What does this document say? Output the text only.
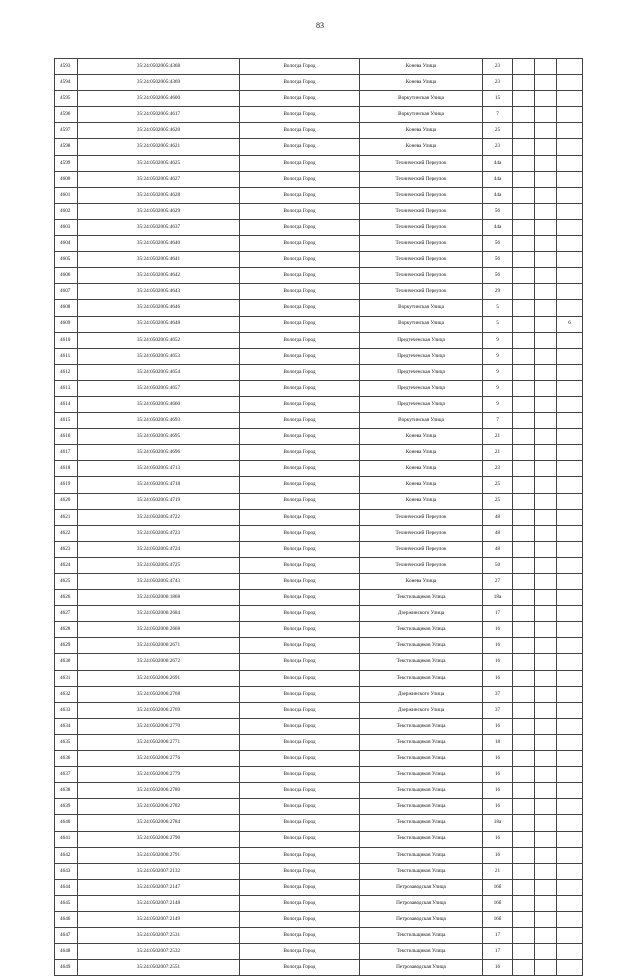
83
4593	35:24:0502005:4368	Вологда Город	Конева Улица	23			
4594	35:24:0502005:4369	Вологда Город	Конева Улица	23			
4595	35:24:0502005:4600	Вологда Город	Воркутинская Улица	15			
4596	35:24:0502005:4617	Вологда Город	Воркутинская Улица	7			
4597	35:24:0502005:4620	Вологда Город	Конева Улица	25			
4598	35:24:0502005:4621	Вологда Город	Конева Улица	23			
4599	35:24:0502005:4625	Вологда Город	Технический Переулок	44а			
4600	35:24:0502005:4627	Вологда Город	Технический Переулок	44а			
4601	35:24:0502005:4628	Вологда Город	Технический Переулок	44а			
4602	35:24:0502005:4629	Вологда Город	Технический Переулок	56			
4603	35:24:0502005:4637	Вологда Город	Технический Переулок	44а			
4604	35:24:0502005:4640	Вологда Город	Технический Переулок	56			
4605	35:24:0502005:4641	Вологда Город	Технический Переулок	56			
4606	35:24:0502005:4642	Вологда Город	Технический Переулок	56			
4607	35:24:0502005:4643	Вологда Город	Технический Переулок	29			
4608	35:24:0502005:4646	Вологда Город	Воркутинская Улица	5			
4609	35:24:0502005:4648	Вологда Город	Воркутинская Улица	5			6
4610	35:24:0502005:4652	Вологда Город	Предтеченская Улица	9			
4611	35:24:0502005:4653	Вологда Город	Предтеченская Улица	9			
4612	35:24:0502005:4654	Вологда Город	Предтеченская Улица	9			
4613	35:24:0502005:4657	Вологда Город	Предтеченская Улица	9			
4614	35:24:0502005:4660	Вологда Город	Предтеченская Улица	9			
4615	35:24:0502005:4693	Вологда Город	Воркутинская Улица	7			
4616	35:24:0502005:4695	Вологда Город	Конева Улица	21			
4617	35:24:0502005:4696	Вологда Город	Конева Улица	21			
4618	35:24:0502005:4713	Вологда Город	Конева Улица	23			
4619	35:24:0502005:4718	Вологда Город	Конева Улица	25			
4620	35:24:0502005:4719	Вологда Город	Конева Улица	25			
4621	35:24:0502005:4722	Вологда Город	Технический Переулок	48			
4622	35:24:0502005:4723	Вологда Город	Технический Переулок	48			
4623	35:24:0502005:4724	Вологда Город	Технический Переулок	48			
4624	35:24:0502005:4725	Вологда Город	Технический Переулок	50			
4625	35:24:0502005:4743	Вологда Город	Конева Улица	27			
4626	35:24:0502006:1868	Вологда Город	Текстильщиков Улица	18а			
4627	35:24:0502006:2684	Вологда Город	Дзержинского Улица	17			
4628	35:24:0502006:2668	Вологда Город	Текстильщиков Улица	16			
4629	35:24:0502006:2671	Вологда Город	Текстильщиков Улица	16			
4630	35:24:0502006:2672	Вологда Город	Текстильщиков Улица	16			
4631	35:24:0502006:2691	Вологда Город	Текстильщиков Улица	16			
4632	35:24:0502006:2768	Вологда Город	Дзержинского Улица	37			
4633	35:24:0502006:2769	Вологда Город	Дзержинского Улица	37			
4634	35:24:0502006:2770	Вологда Город	Текстильщиков Улица	16			
4635	35:24:0502006:2771	Вологда Город	Текстильщиков Улица	18			
4636	35:24:0502006:2776	Вологда Город	Текстильщиков Улица	16			
4637	35:24:0502006:2779	Вологда Город	Текстильщиков Улица	16			
4638	35:24:0502006:2780	Вологда Город	Текстильщиков Улица	16			
4639	35:24:0502006:2782	Вологда Город	Текстильщиков Улица	16			
4640	35:24:0502006:2784	Вологда Город	Текстильщиков Улица	18а			
4641	35:24:0502006:2790	Вологда Город	Текстильщиков Улица	16			
4642	35:24:0502006:2791	Вологда Город	Текстильщиков Улица	16			
4643	35:24:0502007:2132	Вологда Город	Текстильщиков Улица	21			
4644	35:24:0502007:2147	Вологда Город	Петрозаводская Улица	16б			
4645	35:24:0502007:2148	Вологда Город	Петрозаводская Улица	16б			
4646	35:24:0502007:2149	Вологда Город	Петрозаводская Улица	16б			
4647	35:24:0502007:2531	Вологда Город	Текстильщиков Улица	17			
4648	35:24:0502007:2532	Вологда Город	Текстильщиков Улица	17			
4649	35:24:0502007:2551	Вологда Город	Петрозаводская Улица	16			
